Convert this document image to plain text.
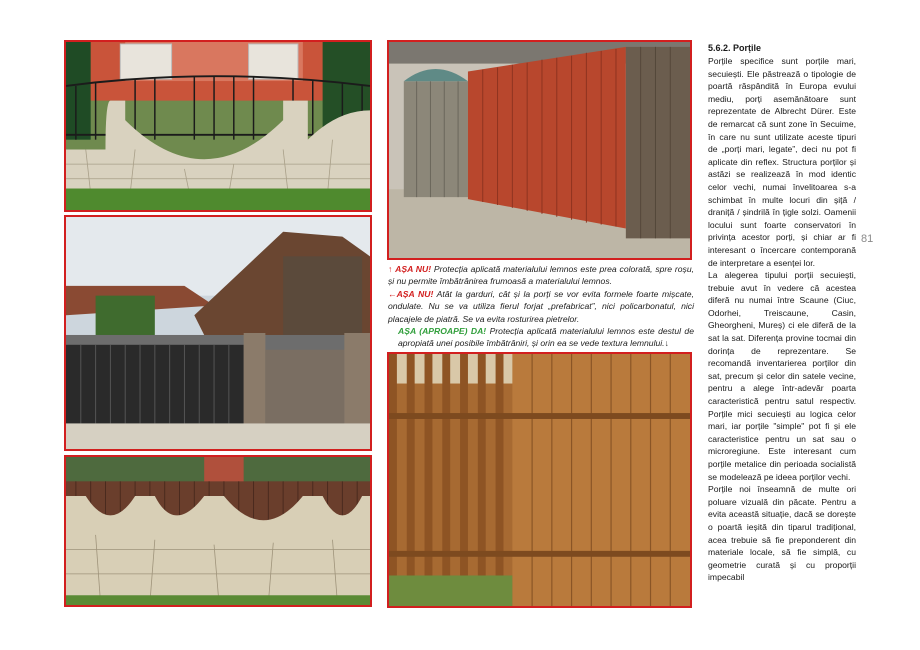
↑ AȘA NU! Protecția aplicată materialului lemnos este prea colorată, spre roșu, și nu permite îmbătrânirea frumoasă a materialului lemnos.

←AȘA NU! Atât la garduri, cât și la porți se vor evita formele foarte mișcate, ondulate. Nu se va utiliza fierul forjat „prefabricat”, nici policarbonatul, nici placajele de piatră. Se va evita rosturirea pietrelor.

AȘA (APROAPE) DA! Protecția aplicată materialului lemnos este destul de apropiată unei posibile îmbătrâniri, și orin ea se vede textura lemnului.↓

5.6.2. Porțile

Porțile specifice sunt porțile mari, secuiești. Ele păstrează o tipologie de poartă răspândită în Europa evului mediu, porți asemănătoare sunt reprezentate de Albrecht Dürer. Este de remarcat că sunt zone în Secuime, în care nu sunt utilizate aceste tipuri de „porți mari, legate”, deci nu pot fi aplicate din reflex. Structura porților și astăzi se realizează în mod identic celor vechi, numai învelitoarea s-a schimbat în multe locuri din șiță / draniță / șindrilă în țigle solzi. Oamenii locului sunt foarte conservatori în privința acestor porți, și chiar ar fi interesant o încercare contemporană de interpretare a esenței lor.

La alegerea tipului porții secuiești, trebuie avut în vedere că acestea diferă nu numai între Scaune (Ciuc, Odorhei, Treiscaune, Casin, Gheorgheni, Mureș) ci ele diferă de la sat la sat. Diferența provine tocmai din dorința de reprezentare. Se recomandă inventarierea porților din sat, precum și celor din satele vecine, pentru a alege într-adevăr poarta caracteristică pentru satul respectiv. Porțile mici secuiești au logica celor mari, iar porțile "simple" pot fi și ele caracteristice pentru un sat sau o microregiune. Este interesant cum porțile metalice din perioada socialistă se modelează pe ideea porților vechi.

Porțile noi înseamnă de multe ori poluare vizuală din păcate. Pentru a evita această situație, dacă se dorește o poartă ieșită din tiparul tradițional, acea trebuie să fie preponderent din materiale locale, să fie simplă, cu geometrie curată și cu proporții impecabil

81
